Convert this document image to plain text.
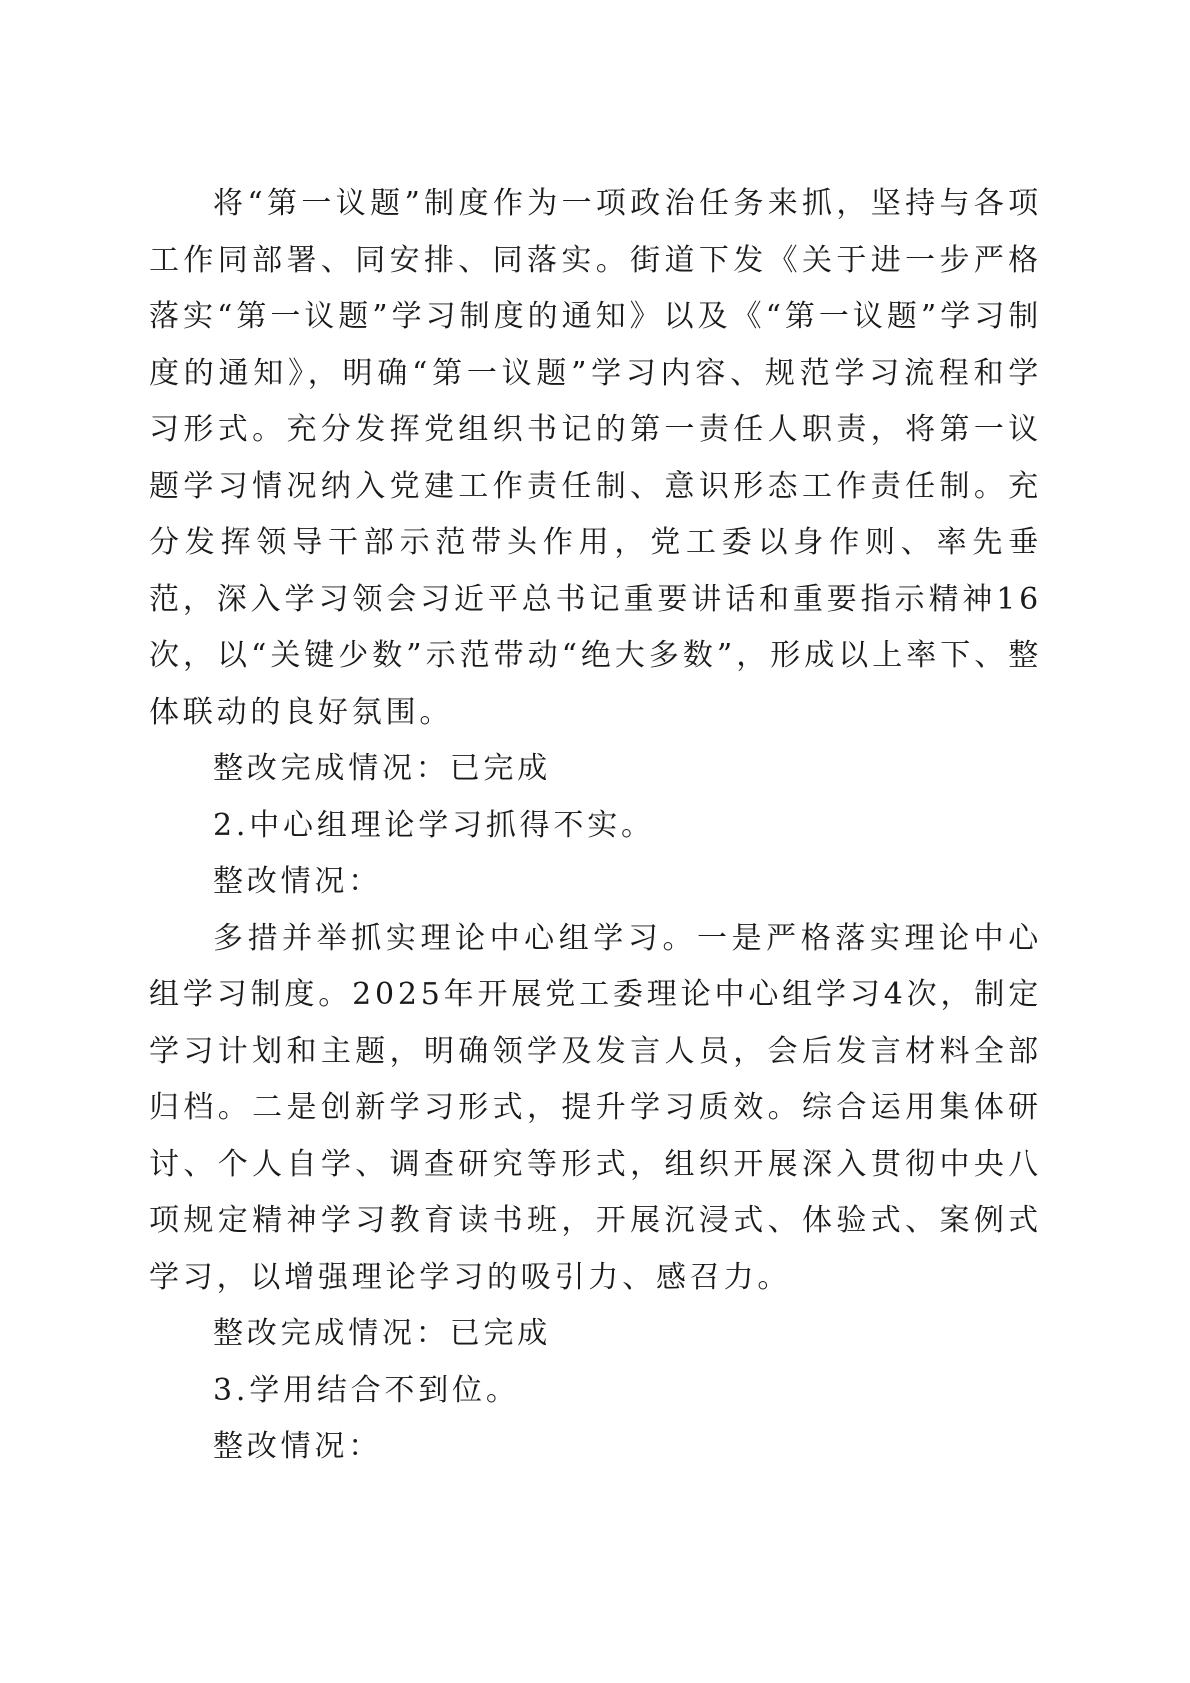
将“第一议题”制度作为一项政治任务来抓，坚持与各项工作同部署、同安排、同落实。街道下发《关于进一步严格落实“第一议题”学习制度的通知》以及《“第一议题”学习制度的通知》，明确“第一议题”学习内容、规范学习流程和学习形式。充分发挥党组织书记的第一责任人职责，将第一议题学习情况纳入党建工作责任制、意识形态工作责任制。充分发挥领导干部示范带头作用，党工委以身作则、率先垂范，深入学习领会习近平总书记重要讲话和重要指示精神16次，以“关键少数”示范带动“绝大多数”，形成以上率下、整体联动的良好氛围。

整改完成情况：已完成

2.中心组理论学习抓得不实。

整改情况：

多措并举抓实理论中心组学习。一是严格落实理论中心组学习制度。2025年开展党工委理论中心组学习4次，制定学习计划和主题，明确领学及发言人员，会后发言材料全部归档。二是创新学习形式，提升学习质效。综合运用集体研讨、个人自学、调查研究等形式，组织开展深入贯彻中央八项规定精神学习教育读书班，开展沉浸式、体验式、案例式学习，以增强理论学习的吸引力、感召力。

整改完成情况：已完成

3.学用结合不到位。

整改情况：
